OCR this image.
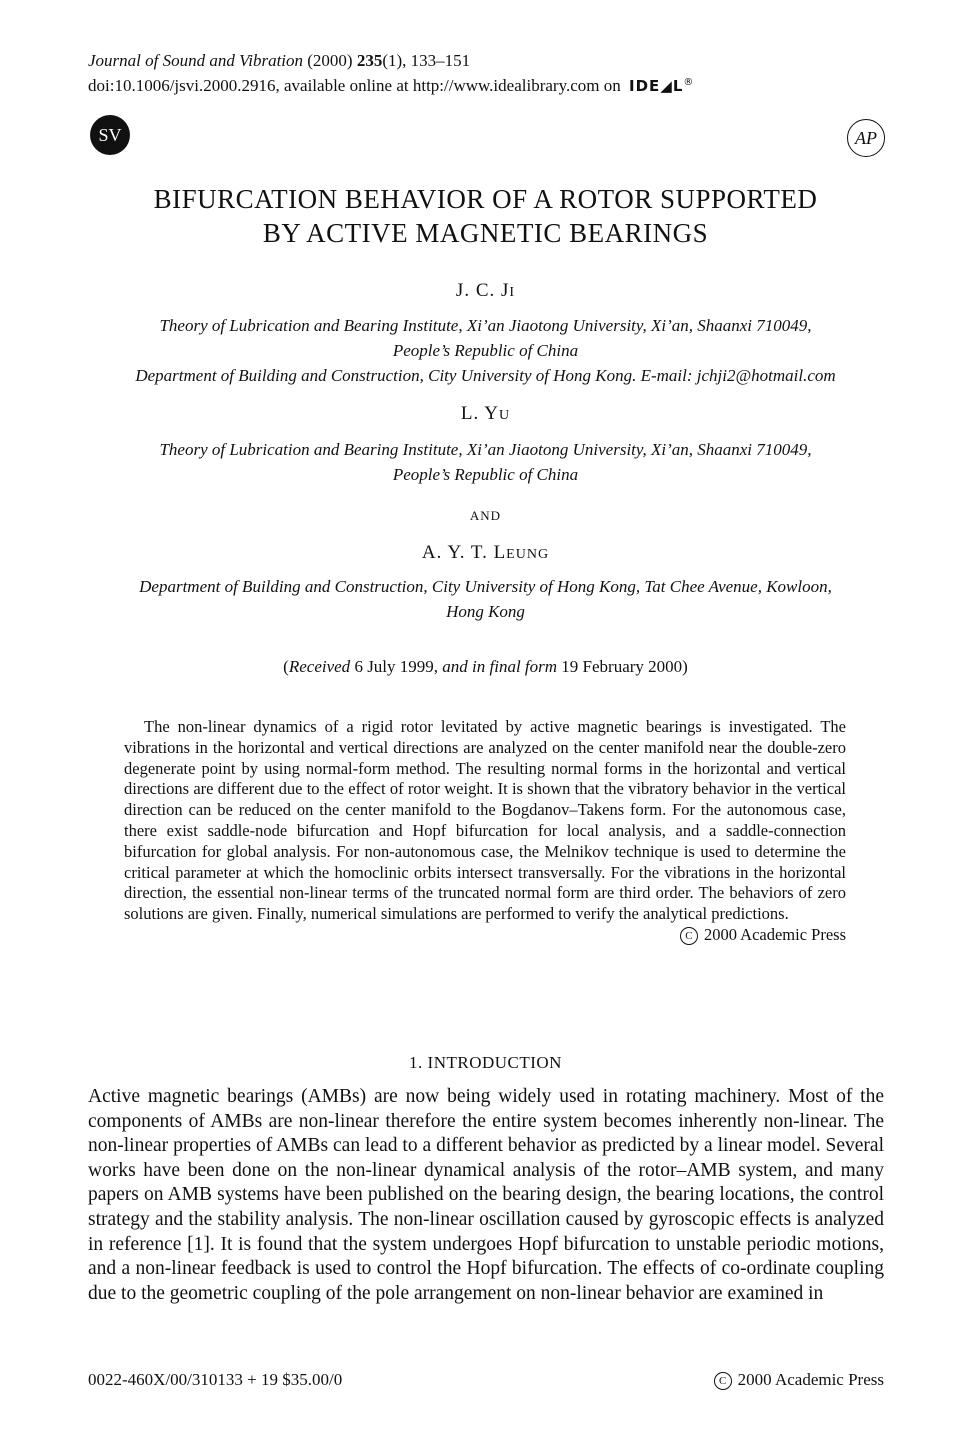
Journal of Sound and Vibration (2000) 235(1), 133–151
doi:10.1006/jsvi.2000.2916, available online at http://www.idealibrary.com on IDE◢L®
SV	AP
BIFURCATION BEHAVIOR OF A ROTOR SUPPORTED
BY ACTIVE MAGNETIC BEARINGS
J. C. JI
Theory of Lubrication and Bearing Institute, Xi’an Jiaotong University, Xi’an, Shaanxi 710049,
People’s Republic of China
Department of Building and Construction, City University of Hong Kong. E-mail: jchji2@hotmail.com
L. YU
Theory of Lubrication and Bearing Institute, Xi’an Jiaotong University, Xi’an, Shaanxi 710049,
People’s Republic of China
AND
A. Y. T. LEUNG
Department of Building and Construction, City University of Hong Kong, Tat Chee Avenue, Kowloon,
Hong Kong
(Received 6 July 1999, and in final form 19 February 2000)

The non-linear dynamics of a rigid rotor levitated by active magnetic bearings is investigated. The vibrations in the horizontal and vertical directions are analyzed on the center manifold near the double-zero degenerate point by using normal-form method. The resulting normal forms in the horizontal and vertical directions are different due to the effect of rotor weight. It is shown that the vibratory behavior in the vertical direction can be reduced on the center manifold to the Bogdanov–Takens form. For the autonomous case, there exist saddle-node bifurcation and Hopf bifurcation for local analysis, and a saddle-connection bifurcation for global analysis. For non-autonomous case, the Melnikov technique is used to determine the critical parameter at which the homoclinic orbits intersect transversally. For the vibrations in the horizontal direction, the essential non-linear terms of the truncated normal form are third order. The behaviors of zero solutions are given. Finally, numerical simulations are performed to verify the analytical predictions.

C 2000 Academic Press
1. INTRODUCTION

Active magnetic bearings (AMBs) are now being widely used in rotating machinery. Most of the components of AMBs are non-linear therefore the entire system becomes inherently non-linear. The non-linear properties of AMBs can lead to a different behavior as predicted by a linear model. Several works have been done on the non-linear dynamical analysis of the rotor–AMB system, and many papers on AMB systems have been published on the bearing design, the bearing locations, the control strategy and the stability analysis. The non-linear oscillation caused by gyroscopic effects is analyzed in reference [1]. It is found that the system undergoes Hopf bifurcation to unstable periodic motions, and a non-linear feedback is used to control the Hopf bifurcation. The effects of co-ordinate coupling due to the geometric coupling of the pole arrangement on non-linear behavior are examined in

0022-460X/00/310133 + 19 $35.00/0	C 2000 Academic Press
